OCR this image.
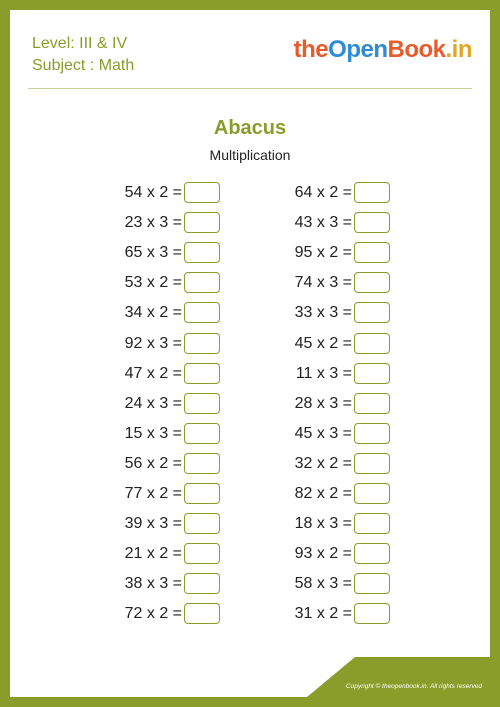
Level: III & IV
Subject : Math
theOpenBook.in
Abacus
Multiplication
54 x 2 =
23 x 3 =
65 x 3 =
53 x 2 =
34 x 2 =
92 x 3 =
47 x 2 =
24 x 3 =
15 x 3 =
56 x 2 =
77 x 2 =
39 x 3 =
21 x 2 =
38 x 3 =
72 x 2 =
64 x 2 =
43 x 3 =
95 x 2 =
74 x 3 =
33 x 3 =
45 x 2 =
11 x 3 =
28 x 3 =
45 x 3 =
32 x 2 =
82 x 2 =
18 x 3 =
93 x 2 =
58 x 3 =
31 x 2 =
Copyright © theopenbook.in. All rights reserved
